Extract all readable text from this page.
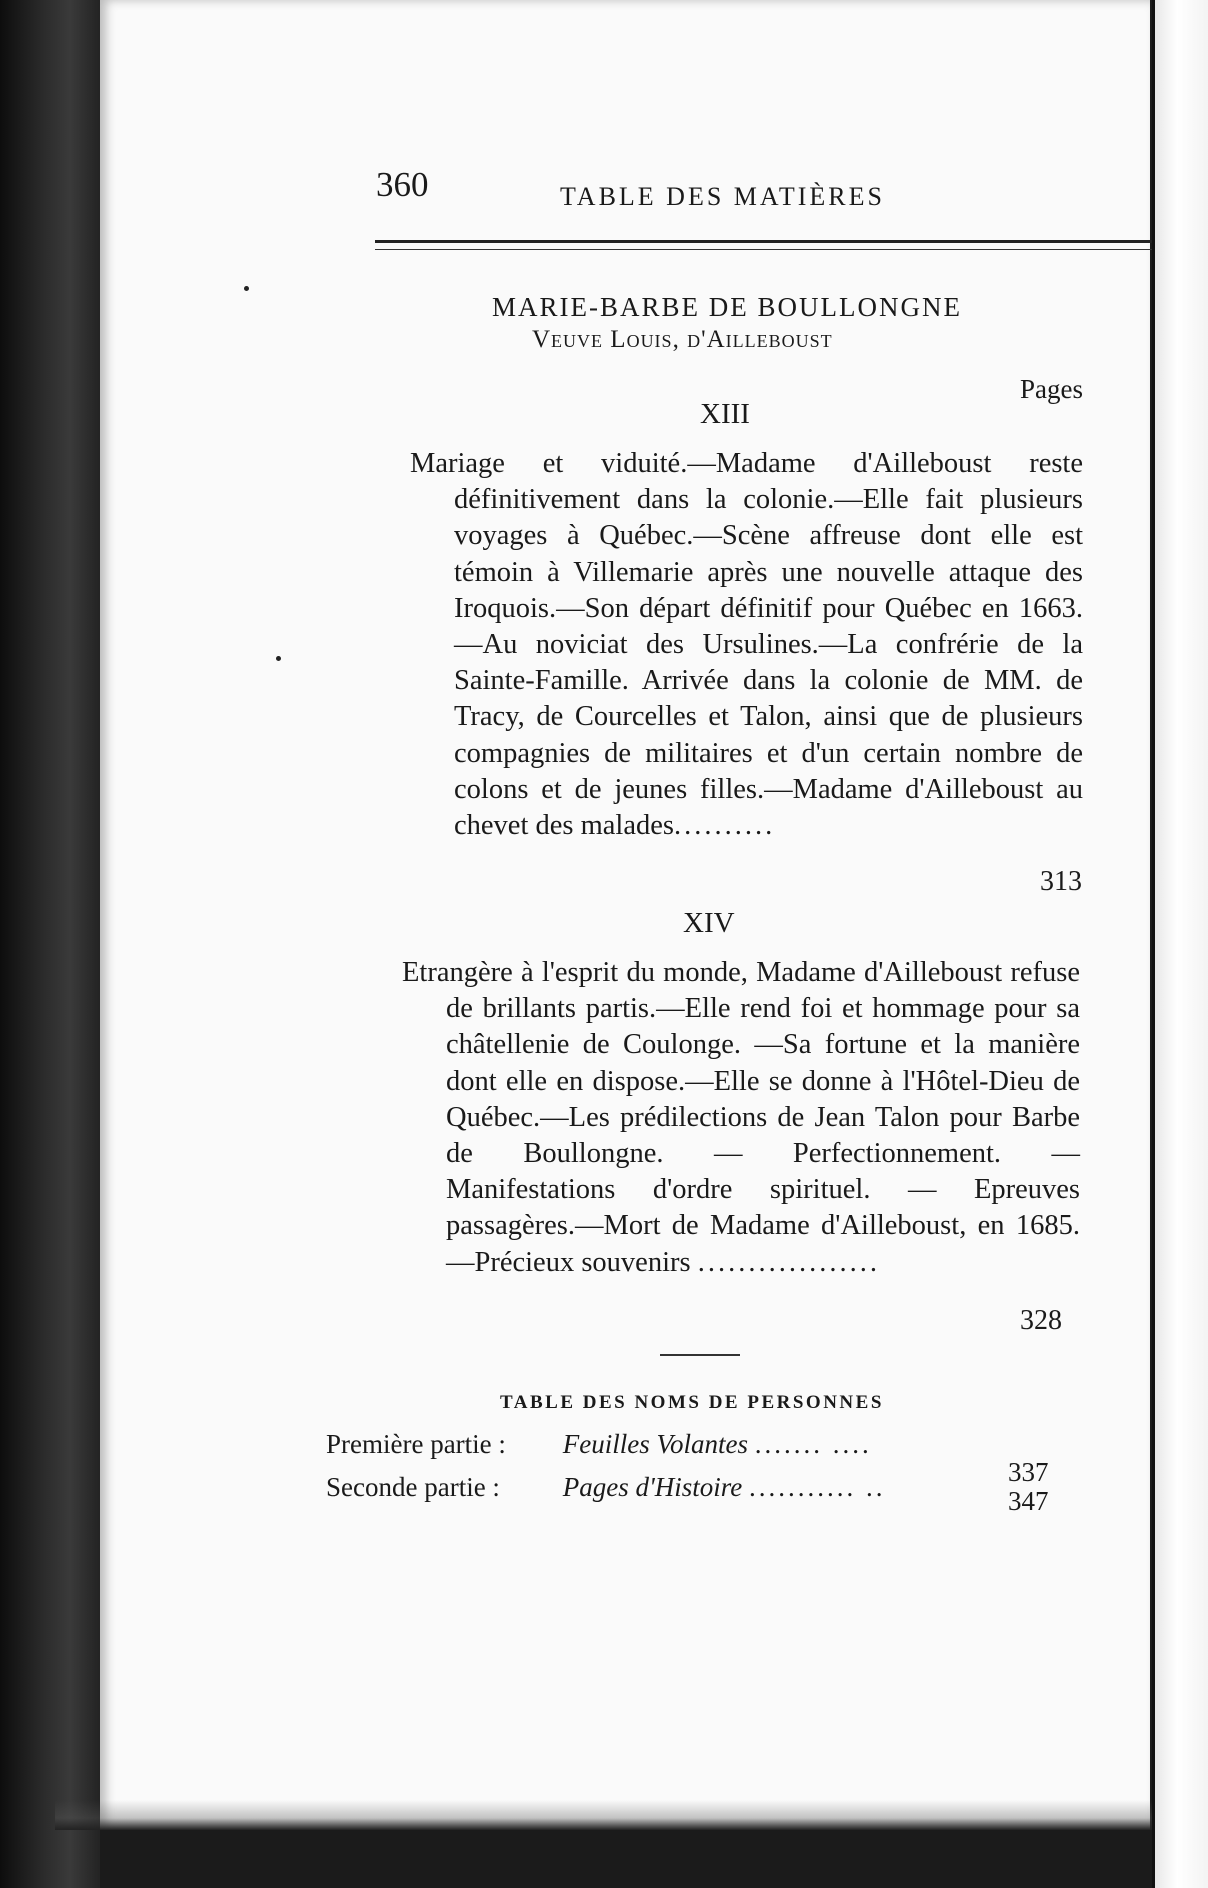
360	TABLE DES MATIÈRES
MARIE-BARBE DE BOULLONGNE
Veuve Louis, d'Ailleboust
Pages
XIII
Mariage et viduité.—Madame d'Ailleboust reste définitivement dans la colonie.—Elle fait plusieurs voyages à Québec.—Scène affreuse dont elle est témoin à Villemarie après une nouvelle attaque des Iroquois.—Son départ définitif pour Québec en 1663.—Au noviciat des Ursulines.—La confrérie de la Sainte-Famille. Arrivée dans la colonie de MM. de Tracy, de Courcelles et Talon, ainsi que de plusieurs compagnies de militaires et d'un certain nombre de colons et de jeunes filles.—Madame d'Ailleboust au chevet des malades..........
313
XIV
Etrangère à l'esprit du monde, Madame d'Ailleboust refuse de brillants partis.—Elle rend foi et hommage pour sa châtellenie de Coulonge. —Sa fortune et la manière dont elle en dispose.—Elle se donne à l'Hôtel-Dieu de Québec.—Les prédilections de Jean Talon pour Barbe de Boullongne. — Perfectionnement. — Manifestations d'ordre spirituel. — Epreuves passagères.—Mort de Madame d'Ailleboust, en 1685.—Précieux souvenirs ..................
328
TABLE DES NOMS DE PERSONNES
Première partie : Feuilles Volantes ....... ....
337
Seconde partie : Pages d'Histoire ........... ..	347
